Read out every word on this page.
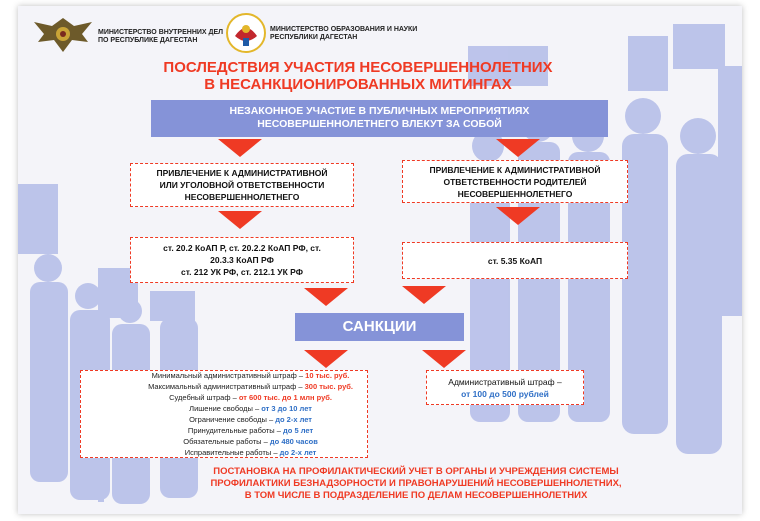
МИНИСТЕРСТВО ВНУТРЕННИХ ДЕЛ
ПО РЕСПУБЛИКЕ ДАГЕСТАН
МИНИСТЕРСТВО ОБРАЗОВАНИЯ И НАУКИ
РЕСПУБЛИКИ ДАГЕСТАН
ПОСЛЕДСТВИЯ УЧАСТИЯ НЕСОВЕРШЕННОЛЕТНИХ
В НЕСАНКЦИОНИРОВАННЫХ МИТИНГАХ
НЕЗАКОННОЕ УЧАСТИЕ В ПУБЛИЧНЫХ МЕРОПРИЯТИЯХ
НЕСОВЕРШЕННОЛЕТНЕГО ВЛЕКУТ ЗА СОБОЙ
ПРИВЛЕЧЕНИЕ К АДМИНИСТРАТИВНОЙ
ИЛИ УГОЛОВНОЙ ОТВЕТСТВЕННОСТИ
НЕСОВЕРШЕННОЛЕТНЕГО
ПРИВЛЕЧЕНИЕ К АДМИНИСТРАТИВНОЙ
ОТВЕТСТВЕННОСТИ РОДИТЕЛЕЙ
НЕСОВЕРШЕННОЛЕТНЕГО
ст. 20.2 КоАП Р, ст. 20.2.2 КоАП РФ, ст.
20.3.3 КоАП РФ
ст. 212 УК РФ, ст. 212.1 УК РФ
ст. 5.35 КоАП
САНКЦИИ
Минимальный административный штраф – 10 тыс. руб.
Максимальный административный штраф – 300 тыс. руб.
Судебный штраф – от 600 тыс. до 1 млн руб.
Лишение свободы – от 3 до 10 лет
Ограничение свободы – до 2-х лет
Принудительные работы – до 5 лет
Обязательные работы – до 480 часов
Исправительные работы – до 2-х лет
Административный штраф –
от 100 до 500 рублей
ПОСТАНОВКА НА ПРОФИЛАКТИЧЕСКИЙ УЧЕТ В ОРГАНЫ И УЧРЕЖДЕНИЯ СИСТЕМЫ
ПРОФИЛАКТИКИ БЕЗНАДЗОРНОСТИ И ПРАВОНАРУШЕНИЙ НЕСОВЕРШЕННОЛЕТНИХ,
В ТОМ ЧИСЛЕ В ПОДРАЗДЕЛЕНИЕ ПО ДЕЛАМ НЕСОВЕРШЕННОЛЕТНИХ
